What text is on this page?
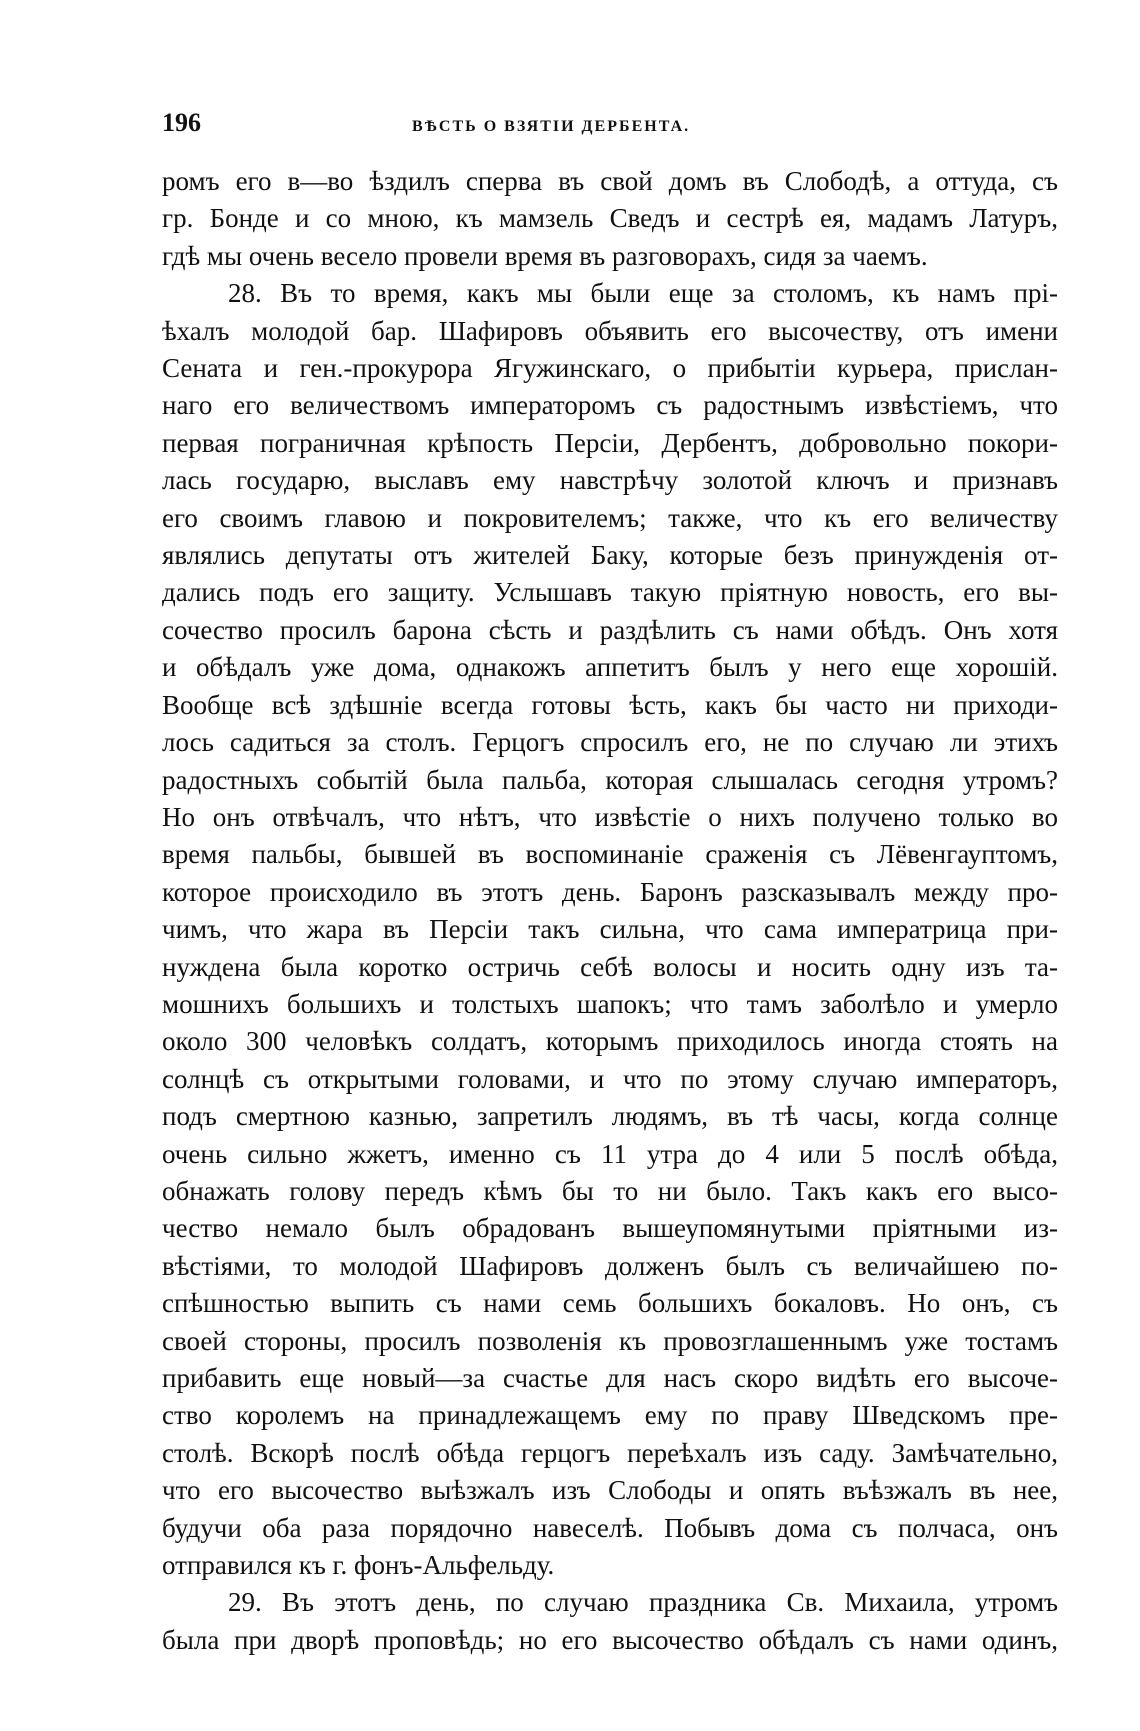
196	ВѢСТЬ О ВЗЯТІИ ДЕРБЕНТА.
ромъ его в—во ѣздилъ сперва въ свой домъ въ Слободѣ, а оттуда, съ
гр. Бонде и со мною, къ мамзель Сведъ и сестрѣ ея, мадамъ Латуръ,
гдѣ мы очень весело провели время въ разговорахъ, сидя за чаемъ.
28. Въ то время, какъ мы были еще за столомъ, къ намъ прі-
ѣхалъ молодой бар. Шафировъ объявить его высочеству, отъ имени
Сената и ген.-прокурора Ягужинскаго, о прибытіи курьера, прислан-
наго его величествомъ императоромъ съ радостнымъ извѣстіемъ, что
первая пограничная крѣпость Персіи, Дербентъ, добровольно покори-
лась государю, выславъ ему навстрѣчу золотой ключъ и признавъ
его своимъ главою и покровителемъ; также, что къ его величеству
являлись депутаты отъ жителей Баку, которые безъ принужденія от-
дались подъ его защиту. Услышавъ такую пріятную новость, его вы-
сочество просилъ барона сѣсть и раздѣлить съ нами обѣдъ. Онъ хотя
и обѣдалъ уже дома, однакожъ аппетитъ былъ у него еще хорошій.
Вообще всѣ здѣшніе всегда готовы ѣсть, какъ бы часто ни приходи-
лось садиться за столъ. Герцогъ спросилъ его, не по случаю ли этихъ
радостныхъ событій была пальба, которая слышалась сегодня утромъ?
Но онъ отвѣчалъ, что нѣтъ, что извѣстіе о нихъ получено только во
время пальбы, бывшей въ воспоминаніе сраженія съ Лёвенгауптомъ,
которое происходило въ этотъ день. Баронъ разсказывалъ между про-
чимъ, что жара въ Персіи такъ сильна, что сама императрица при-
нуждена была коротко остричь себѣ волосы и носить одну изъ та-
мошнихъ большихъ и толстыхъ шапокъ; что тамъ заболѣло и умерло
около 300 человѣкъ солдатъ, которымъ приходилось иногда стоять на
солнцѣ съ открытыми головами, и что по этому случаю императоръ,
подъ смертною казнью, запретилъ людямъ, въ тѣ часы, когда солнце
очень сильно жжетъ, именно съ 11 утра до 4 или 5 послѣ обѣда,
обнажать голову передъ кѣмъ бы то ни было. Такъ какъ его высо-
чество немало былъ обрадованъ вышеупомянутыми пріятными из-
вѣстіями, то молодой Шафировъ долженъ былъ съ величайшею по-
спѣшностью выпить съ нами семь большихъ бокаловъ. Но онъ, съ
своей стороны, просилъ позволенія къ провозглашеннымъ уже тостамъ
прибавить еще новый—за счастье для насъ скоро видѣть его высоче-
ство королемъ на принадлежащемъ ему по праву Шведскомъ пре-
столѣ. Вскорѣ послѣ обѣда герцогъ переѣхалъ изъ саду. Замѣчательно,
что его высочество выѣзжалъ изъ Слободы и опять въѣзжалъ въ нее,
будучи оба раза порядочно навеселѣ. Побывъ дома съ полчаса, онъ
отправился къ г. фонъ-Альфельду.
29. Въ этотъ день, по случаю праздника Св. Михаила, утромъ
была при дворѣ проповѣдь; но его высочество обѣдалъ съ нами одинъ,
